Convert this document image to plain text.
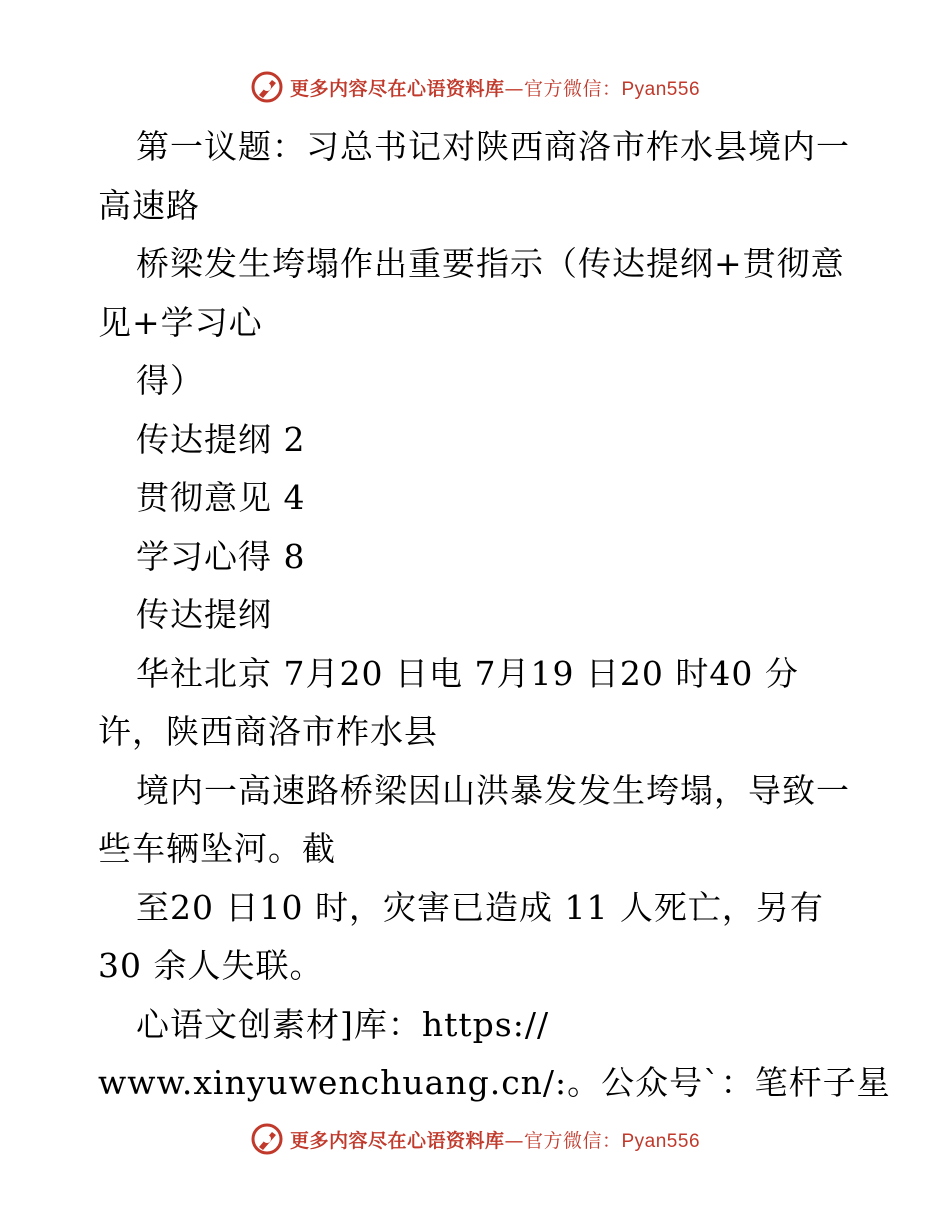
更多内容尽在心语资料库—官方微信：Pyan556
第一议题：习总书记对陕西商洛市柞水县境内一
高速路
桥梁发生垮塌作出重要指示（传达提纲+贯彻意
见+学习心
得）
传达提纲 2
贯彻意见 4
学习心得 8
传达提纲
华社北京 7月20 日电 7月19 日20 时40 分
许，陕西商洛市柞水县
境内一高速路桥梁因山洪暴发发生垮塌，导致一
些车辆坠河。截
至20 日10 时，灾害已造成 11 人死亡，另有
30 余人失联。
心语文创素材]库：https://
www.xinyuwenchuang.cn/:。公众号`：笔杆子星
更多内容尽在心语资料库—官方微信：Pyan556
